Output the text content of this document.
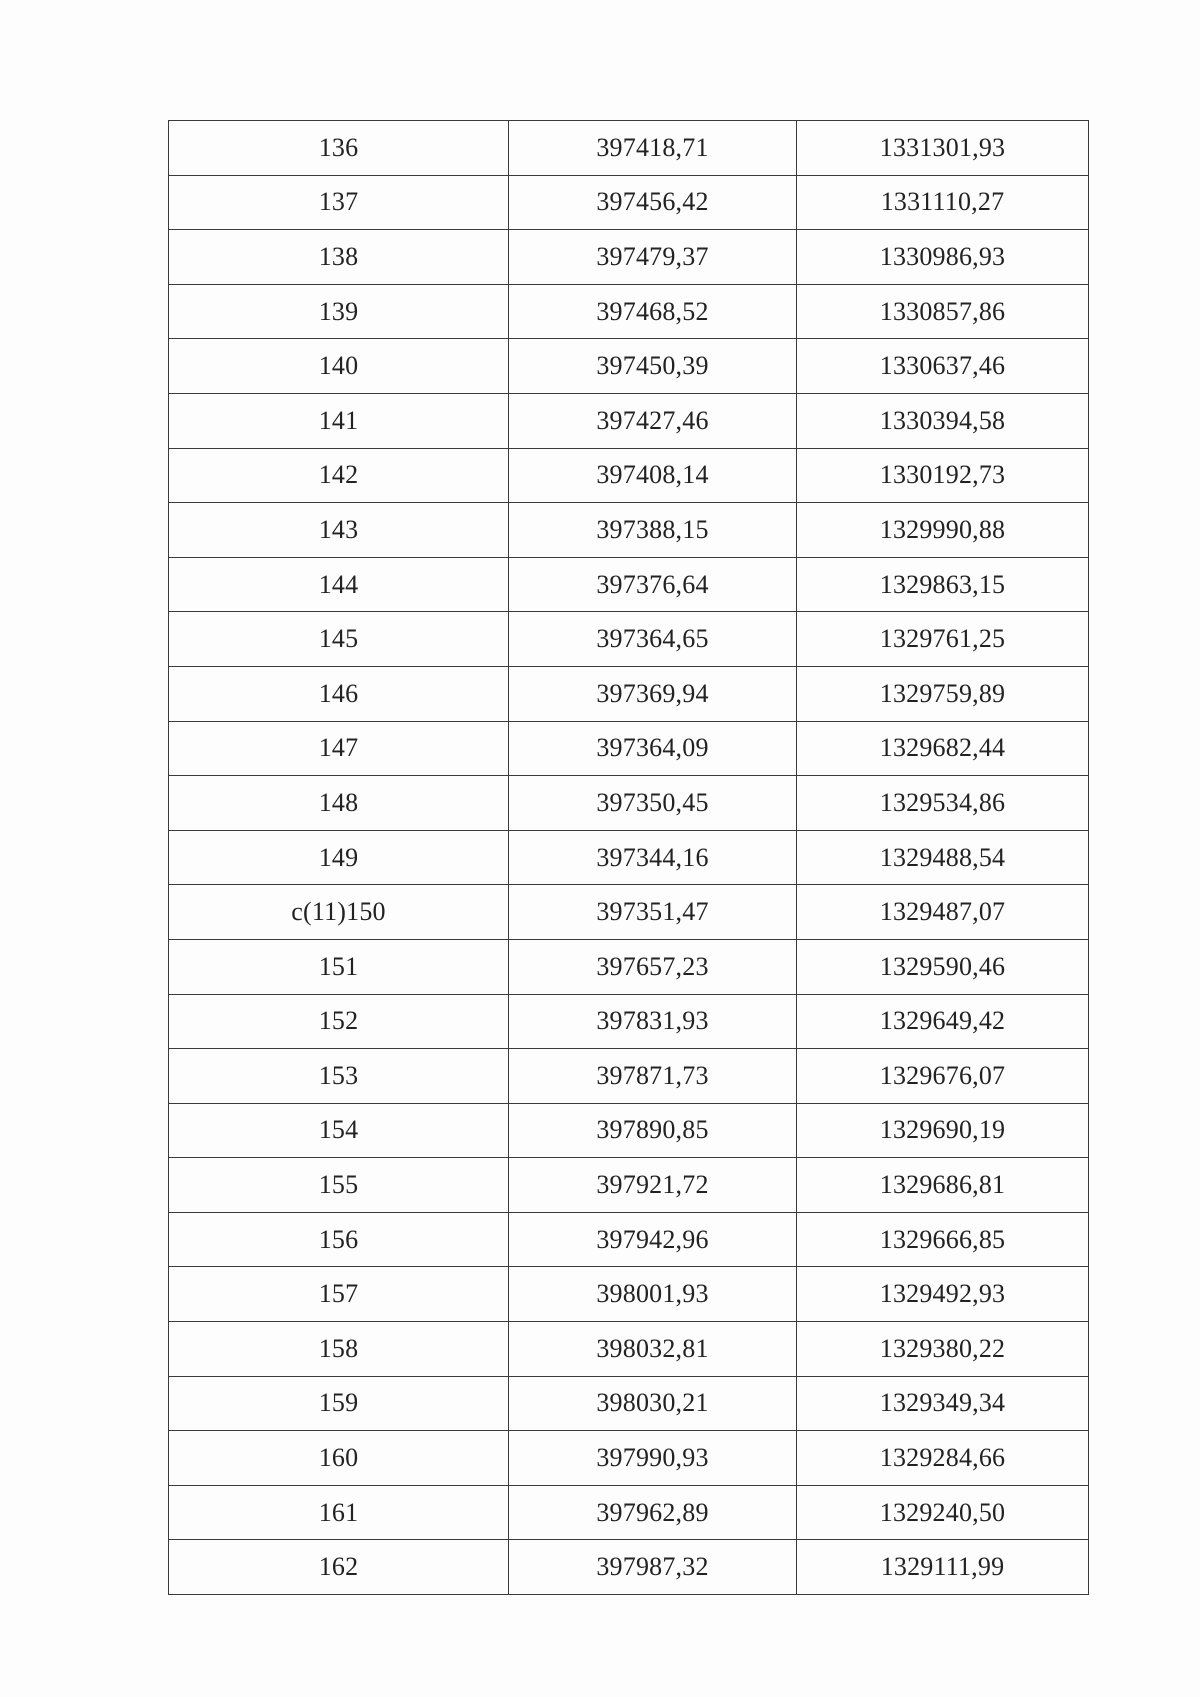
136	397418,71	1331301,93
137	397456,42	1331110,27
138	397479,37	1330986,93
139	397468,52	1330857,86
140	397450,39	1330637,46
141	397427,46	1330394,58
142	397408,14	1330192,73
143	397388,15	1329990,88
144	397376,64	1329863,15
145	397364,65	1329761,25
146	397369,94	1329759,89
147	397364,09	1329682,44
148	397350,45	1329534,86
149	397344,16	1329488,54
c(11)150	397351,47	1329487,07
151	397657,23	1329590,46
152	397831,93	1329649,42
153	397871,73	1329676,07
154	397890,85	1329690,19
155	397921,72	1329686,81
156	397942,96	1329666,85
157	398001,93	1329492,93
158	398032,81	1329380,22
159	398030,21	1329349,34
160	397990,93	1329284,66
161	397962,89	1329240,50
162	397987,32	1329111,99
